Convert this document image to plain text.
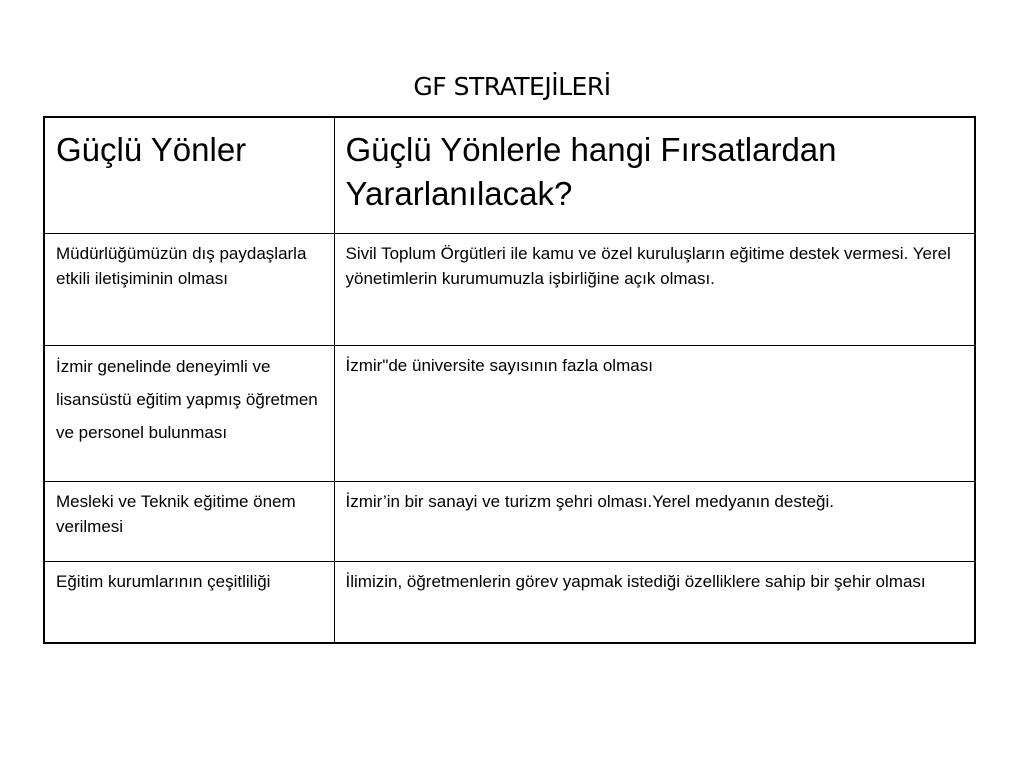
GF STRATEJİLERİ
Güçlü Yönler	Güçlü Yönlerle hangi Fırsatlardan Yararlanılacak?
Müdürlüğümüzün dış paydaşlarla etkili iletişiminin olması	Sivil Toplum Örgütleri ile kamu ve özel kuruluşların eğitime destek vermesi. Yerel yönetimlerin kurumumuzla işbirliğine açık olması.
İzmir genelinde deneyimli ve lisansüstü eğitim yapmış öğretmen ve personel bulunması	İzmir"de üniversite sayısının fazla olması
Mesleki ve Teknik eğitime önem verilmesi	İzmir’in bir sanayi ve turizm şehri olması.Yerel medyanın desteği.
Eğitim kurumlarının çeşitliliği	İlimizin, öğretmenlerin görev yapmak istediği özelliklere sahip bir şehir olması
